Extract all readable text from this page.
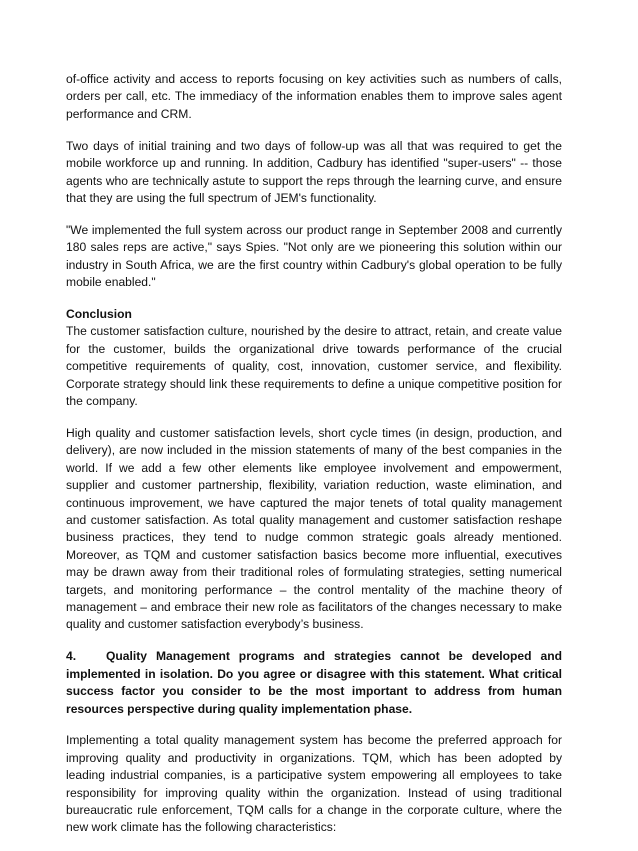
of-office activity and access to reports focusing on key activities such as numbers of calls, orders per call, etc. The immediacy of the information enables them to improve sales agent performance and CRM.

Two days of initial training and two days of follow-up was all that was required to get the mobile workforce up and running. In addition, Cadbury has identified "super-users" -- those agents who are technically astute to support the reps through the learning curve, and ensure that they are using the full spectrum of JEM's functionality.

"We implemented the full system across our product range in September 2008 and currently 180 sales reps are active," says Spies. "Not only are we pioneering this solution within our industry in South Africa, we are the first country within Cadbury's global operation to be fully mobile enabled."

Conclusion

The customer satisfaction culture, nourished by the desire to attract, retain, and create value for the customer, builds the organizational drive towards performance of the crucial competitive requirements of quality, cost, innovation, customer service, and flexibility. Corporate strategy should link these requirements to define a unique competitive position for the company.

High quality and customer satisfaction levels, short cycle times (in design, production, and delivery), are now included in the mission statements of many of the best companies in the world. If we add a few other elements like employee involvement and empowerment, supplier and customer partnership, flexibility, variation reduction, waste elimination, and continuous improvement, we have captured the major tenets of total quality management and customer satisfaction. As total quality management and customer satisfaction reshape business practices, they tend to nudge common strategic goals already mentioned. Moreover, as TQM and customer satisfaction basics become more influential, executives may be drawn away from their traditional roles of formulating strategies, setting numerical targets, and monitoring performance – the control mentality of the machine theory of management – and embrace their new role as facilitators of the changes necessary to make quality and customer satisfaction everybody’s business.

4. Quality Management programs and strategies cannot be developed and implemented in isolation. Do you agree or disagree with this statement. What critical success factor you consider to be the most important to address from human resources perspective during quality implementation phase.

Implementing a total quality management system has become the preferred approach for improving quality and productivity in organizations. TQM, which has been adopted by leading industrial companies, is a participative system empowering all employees to take responsibility for improving quality within the organization. Instead of using traditional bureaucratic rule enforcement, TQM calls for a change in the corporate culture, where the new work climate has the following characteristics:
